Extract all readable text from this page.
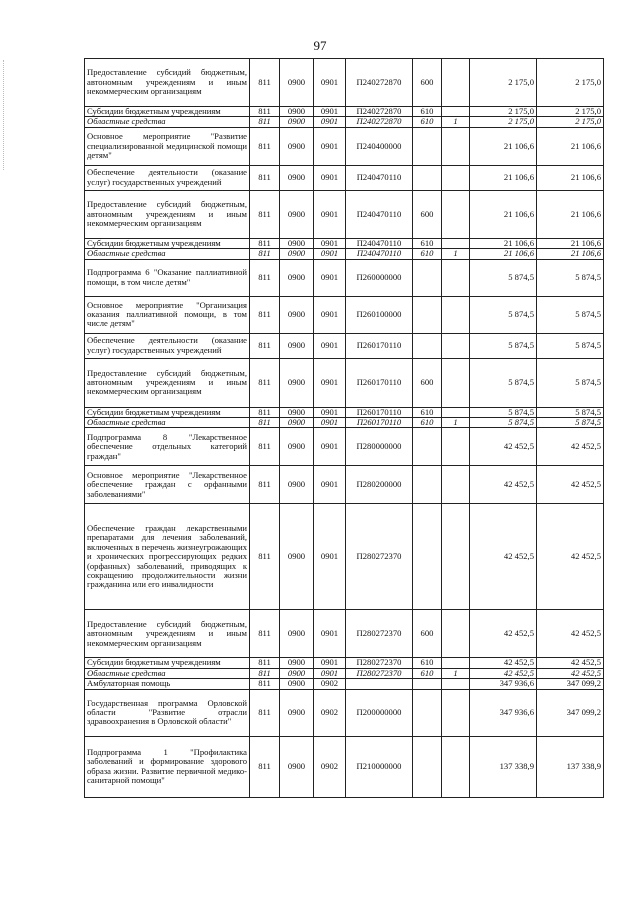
97
Предоставление субсидий бюджетным, автономным учреждениям и иным некоммерческим организациям	811	0900	0901	П240272870	600		2 175,0	2 175,0
Субсидии бюджетным учреждениям	811	0900	0901	П240272870	610		2 175,0	2 175,0
Областные средства	811	0900	0901	П240272870	610	1	2 175,0	2 175,0
Основное мероприятие "Развитие специализированной медицинской помощи детям"	811	0900	0901	П240400000			21 106,6	21 106,6
Обеспечение деятельности (оказание услуг) государственных учреждений	811	0900	0901	П240470110			21 106,6	21 106,6
Предоставление субсидий бюджетным, автономным учреждениям и иным некоммерческим организациям	811	0900	0901	П240470110	600		21 106,6	21 106,6
Субсидии бюджетным учреждениям	811	0900	0901	П240470110	610		21 106,6	21 106,6
Областные средства	811	0900	0901	П240470110	610	1	21 106,6	21 106,6
Подпрограмма 6 "Оказание паллиативной помощи, в том числе детям"	811	0900	0901	П260000000			5 874,5	5 874,5
Основное мероприятие "Организация оказания паллиативной помощи, в том числе детям"	811	0900	0901	П260100000			5 874,5	5 874,5
Обеспечение деятельности (оказание услуг) государственных учреждений	811	0900	0901	П260170110			5 874,5	5 874,5
Предоставление субсидий бюджетным, автономным учреждениям и иным некоммерческим организациям	811	0900	0901	П260170110	600		5 874,5	5 874,5
Субсидии бюджетным учреждениям	811	0900	0901	П260170110	610		5 874,5	5 874,5
Областные средства	811	0900	0901	П260170110	610	1	5 874,5	5 874,5
Подпрограмма 8 "Лекарственное обеспечение отдельных категорий граждан"	811	0900	0901	П280000000			42 452,5	42 452,5
Основное мероприятие "Лекарственное обеспечение граждан с орфанными заболеваниями"	811	0900	0901	П280200000			42 452,5	42 452,5
Обеспечение граждан лекарственными препаратами для лечения заболеваний, включенных в перечень жизнеугрожающих и хронических прогрессирующих редких (орфанных) заболеваний, приводящих к сокращению продолжительности жизни гражданина или его инвалидности	811	0900	0901	П280272370			42 452,5	42 452,5
Предоставление субсидий бюджетным, автономным учреждениям и иным некоммерческим организациям	811	0900	0901	П280272370	600		42 452,5	42 452,5
Субсидии бюджетным учреждениям	811	0900	0901	П280272370	610		42 452,5	42 452,5
Областные средства	811	0900	0901	П280272370	610	1	42 452,5	42 452,5
Амбулаторная помощь	811	0900	0902				347 936,6	347 099,2
Государственная программа Орловской области "Развитие отрасли здравоохранения в Орловской области"	811	0900	0902	П200000000			347 936,6	347 099,2
Подпрограмма 1 "Профилактика заболеваний и формирование здорового образа жизни. Развитие первичной медико-санитарной помощи"	811	0900	0902	П210000000			137 338,9	137 338,9
